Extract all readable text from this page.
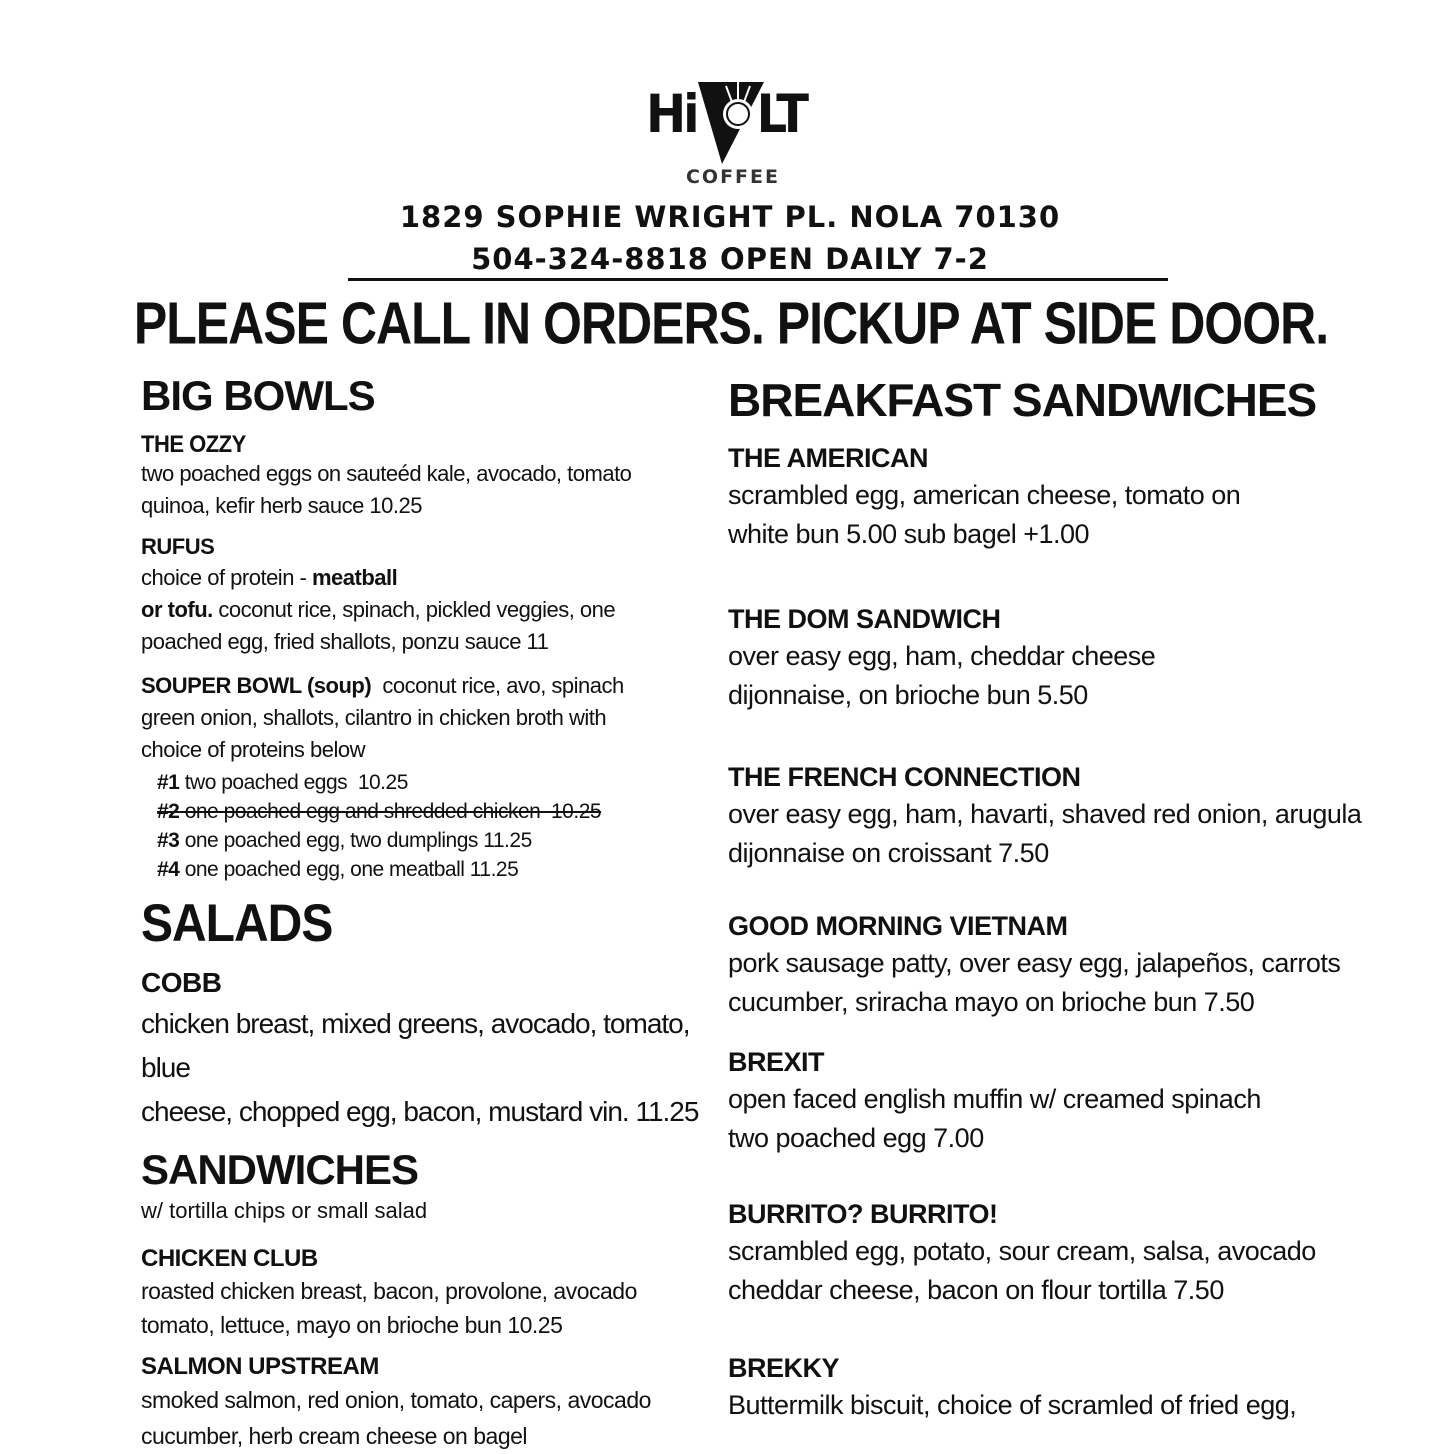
Hi LT
COFFEE
1829 SOPHIE WRIGHT PL. NOLA 70130
504-324-8818 OPEN DAILY 7-2
PLEASE CALL IN ORDERS. PICKUP AT SIDE DOOR.
BIG BOWLS

THE OZZY

two poached eggs on sauteéd kale, avocado, tomato

quinoa, kefir herb sauce 10.25

RUFUS

choice of protein - meatball

or tofu. coconut rice, spinach, pickled veggies, one

poached egg, fried shallots, ponzu sauce 11

SOUPER BOWL (soup)  coconut rice, avo, spinach

green onion, shallots, cilantro in chicken broth with

choice of proteins below

#1 two poached eggs  10.25
#2 one poached egg and shredded chicken  10.25
#3 one poached egg, two dumplings 11.25
#4 one poached egg, one meatball 11.25
SALADS

COBB

chicken breast, mixed greens, avocado, tomato, blue

cheese, chopped egg, bacon, mustard vin. 11.25

SANDWICHES

w/ tortilla chips or small salad

CHICKEN CLUB

roasted chicken breast, bacon, provolone, avocado

tomato, lettuce, mayo on brioche bun 10.25

SALMON UPSTREAM

smoked salmon, red onion, tomato, capers, avocado

cucumber, herb cream cheese on bagel

BREAKFAST SANDWICHES

THE AMERICAN

scrambled egg, american cheese, tomato on

white bun 5.00 sub bagel +1.00

THE DOM SANDWICH

over easy egg, ham, cheddar cheese

dijonnaise, on brioche bun 5.50

THE FRENCH CONNECTION

over easy egg, ham, havarti, shaved red onion, arugula

dijonnaise on croissant 7.50

GOOD MORNING VIETNAM

pork sausage patty, over easy egg, jalapeños, carrots

cucumber, sriracha mayo on brioche bun 7.50

BREXIT

open faced english muffin w/ creamed spinach

two poached egg 7.00

BURRITO? BURRITO!

scrambled egg, potato, sour cream, salsa, avocado

cheddar cheese, bacon on flour tortilla 7.50

BREKKY

Buttermilk biscuit, choice of scramled of fried egg,
